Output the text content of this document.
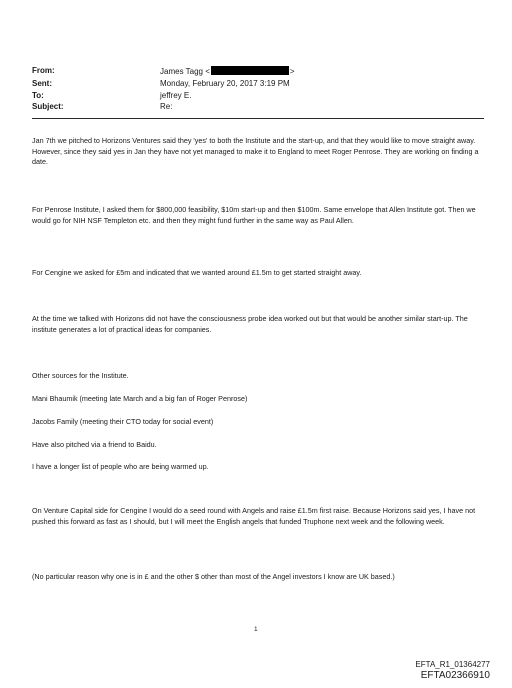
From:	James Tagg <	>
Sent:	Monday, February 20, 2017 3:19 PM
To:	jeffrey E.
Subject:	Re:

Jan 7th we pitched to Horizons Ventures said they 'yes' to both the Institute and the start-up, and that they would like to move straight away. However, since they said yes in Jan they have not yet managed to make it to England to meet Roger Penrose. They are working on finding a date.

For Penrose Institute, I asked them for $800,000 feasibility, $10m start-up and then $100m. Same envelope that Allen Institute got. Then we would go for NIH NSF Templeton etc. and then they might fund further in the same way as Paul Allen.

For Cengine we asked for £5m and indicated that we wanted around £1.5m to get started straight away.

At the time we talked with Horizons did not have the consciousness probe idea worked out but that would be another similar start-up. The institute generates a lot of practical ideas for companies.

Other sources for the Institute.

Mani Bhaumik (meeting late March and a big fan of Roger Penrose)

Jacobs Family (meeting their CTO today for social event)

Have also pitched via a friend to Baidu.

I have a longer list of people who are being warmed up.

On Venture Capital side for Cengine I would do a seed round with Angels and raise £1.5m first raise. Because Horizons said yes, I have not pushed this forward as fast as I should, but I will meet the English angels that funded Truphone next week and the following week.

(No particular reason why one is in £ and the other $ other than most of the Angel investors I know are UK based.)

1
EFTA_R1_01364277
EFTA02366910
